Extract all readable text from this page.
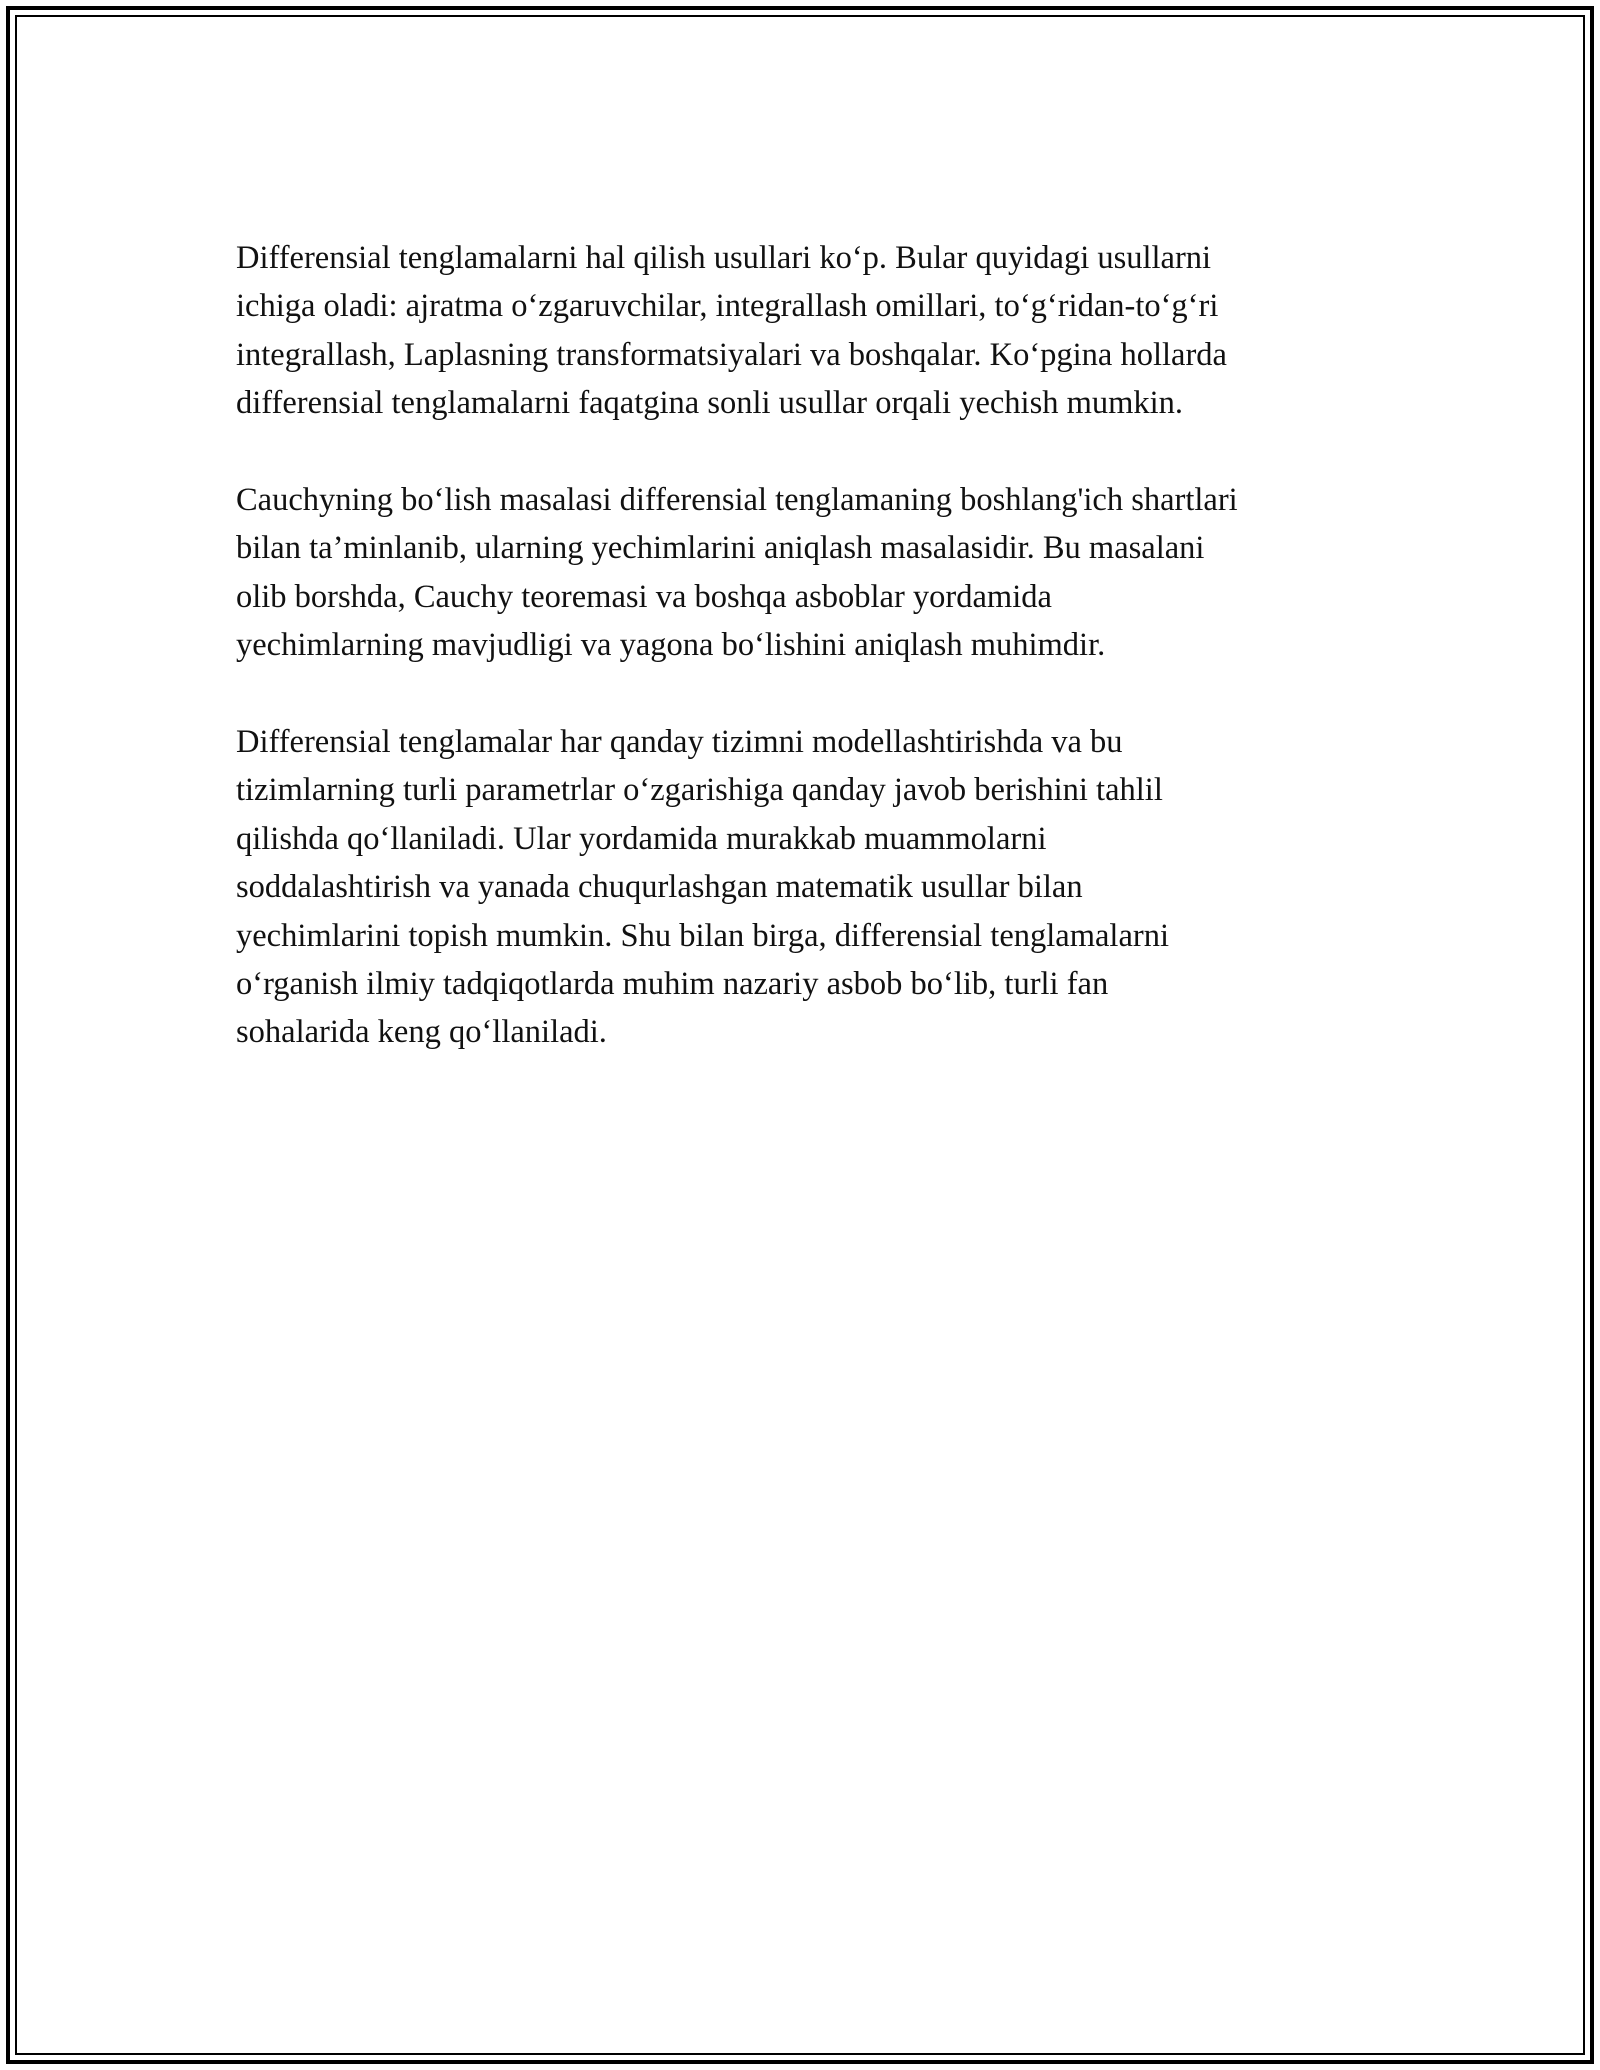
Differensial tenglamalarni hal qilish usullari ko‘p. Bular quyidagi usullarni
ichiga oladi: ajratma o‘zgaruvchilar, integrallash omillari, to‘g‘ridan-to‘g‘ri
integrallash, Laplasning transformatsiyalari va boshqalar. Ko‘pgina hollarda
differensial tenglamalarni faqatgina sonli usullar orqali yechish mumkin.

Cauchyning bo‘lish masalasi differensial tenglamaning boshlang'ich shartlari
bilan ta’minlanib, ularning yechimlarini aniqlash masalasidir. Bu masalani
olib borshda, Cauchy teoremasi va boshqa asboblar yordamida
yechimlarning mavjudligi va yagona bo‘lishini aniqlash muhimdir.

Differensial tenglamalar har qanday tizimni modellashtirishda va bu
tizimlarning turli parametrlar o‘zgarishiga qanday javob berishini tahlil
qilishda qo‘llaniladi. Ular yordamida murakkab muammolarni
soddalashtirish va yanada chuqurlashgan matematik usullar bilan
yechimlarini topish mumkin. Shu bilan birga, differensial tenglamalarni
o‘rganish ilmiy tadqiqotlarda muhim nazariy asbob bo‘lib, turli fan
sohalarida keng qo‘llaniladi.
